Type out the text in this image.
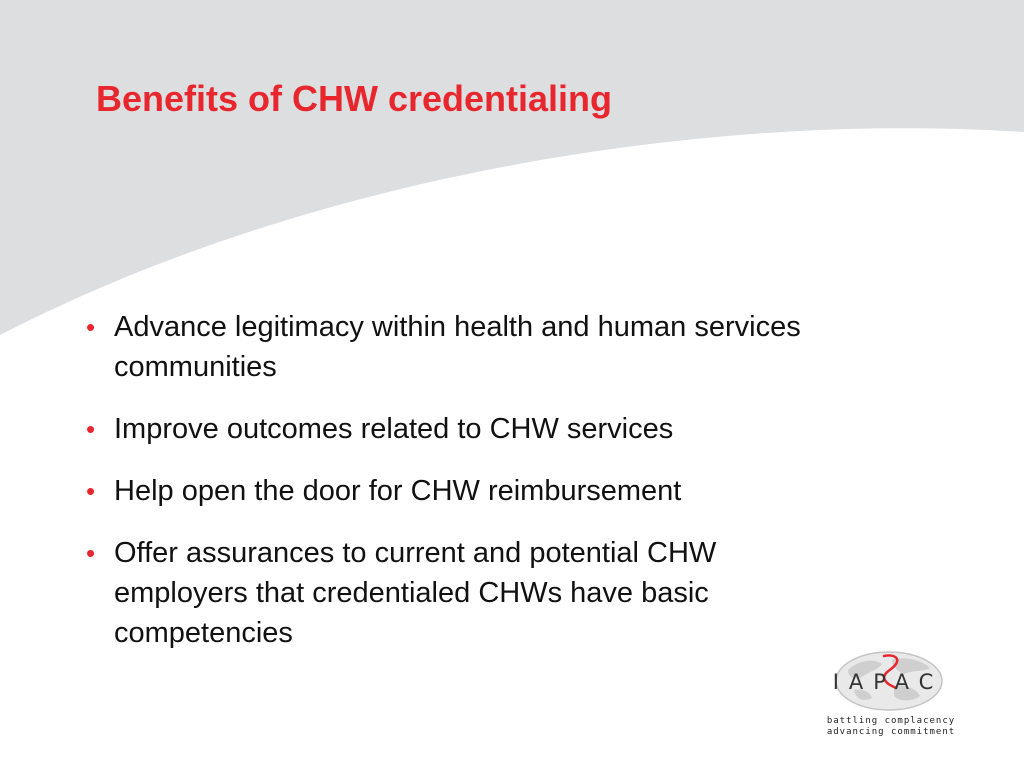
Benefits of CHW credentialing
• Advance legitimacy within health and human services communities
• Improve outcomes related to CHW services
• Help open the door for CHW reimbursement
• Offer assurances to current and potential CHW employers that credentialed CHWs have basic competencies
IAPAC
battling complacency
advancing commitment
